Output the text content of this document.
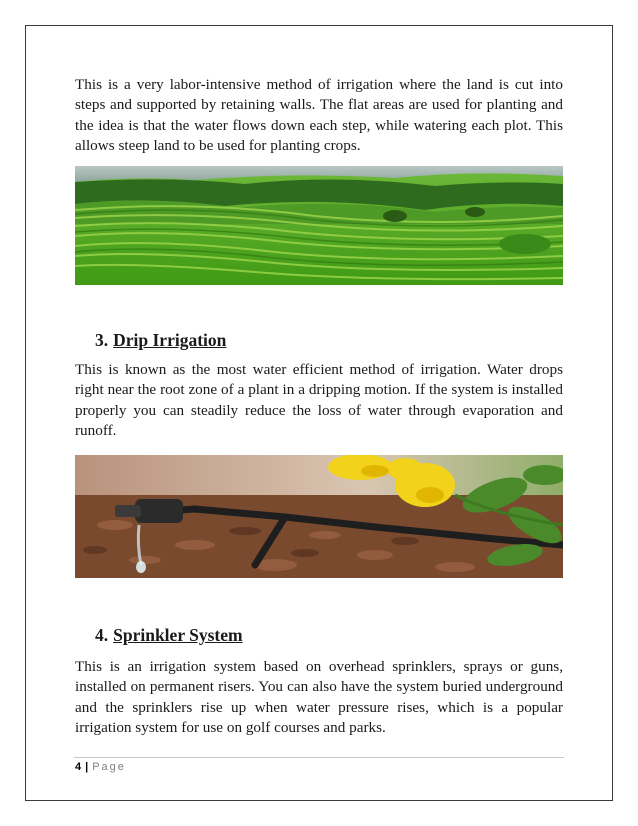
This is a very labor-intensive method of irrigation where the land is cut into steps and supported by retaining walls. The flat areas are used for planting and the idea is that the water flows down each step, while watering each plot. This allows steep land to be used for planting crops.

3. Drip Irrigation

This is known as the most water efficient method of irrigation. Water drops right near the root zone of a plant in a dripping motion. If the system is installed properly you can steadily reduce the loss of water through evaporation and runoff.

4. Sprinkler System

This is an irrigation system based on overhead sprinklers, sprays or guns, installed on permanent risers. You can also have the system buried underground and the sprinklers rise up when water pressure rises, which is a popular irrigation system for use on golf courses and parks.

4 | Page
